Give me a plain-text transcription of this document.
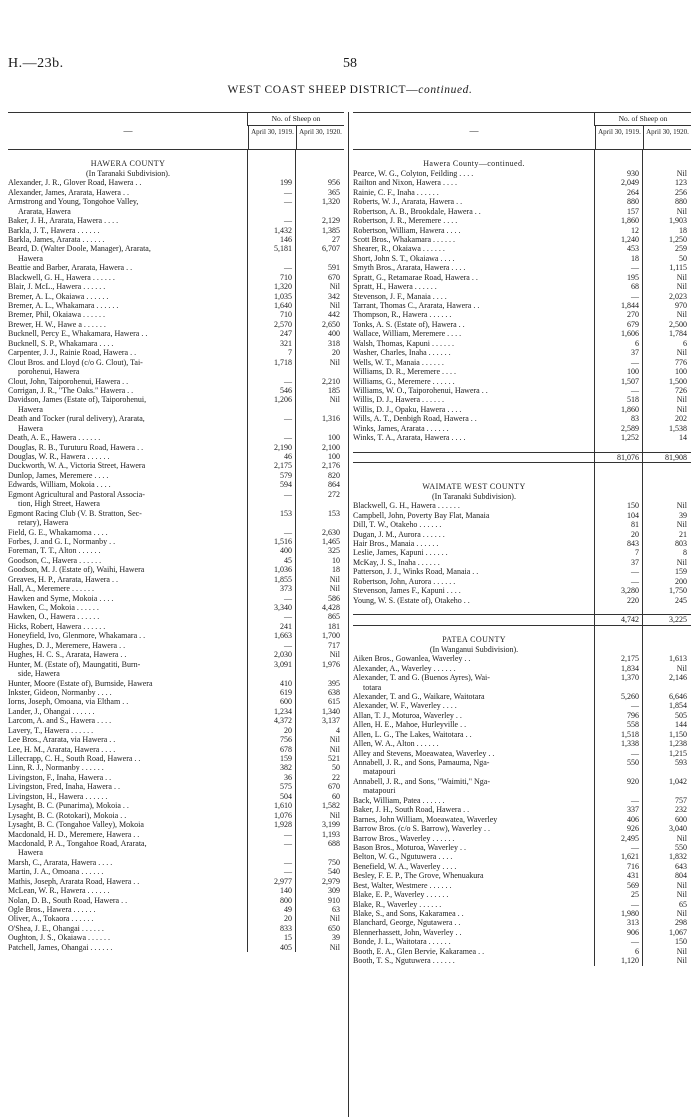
H.—23b.	58
WEST COAST SHEEP DISTRICT—continued.
—
No. of Sheep on
April 30, 1919. April 30, 1920.
HAWERA COUNTY
(In Taranaki Subdivision).
Alexander, J. R., Glover Road, Hawera . .	199	956
Alexander, James, Ararata, Hawera . .	—	365
Armstrong and Young, Tongohoe Valley,	—	1,320
Ararata, Hawera
Baker, J. H., Ararata, Hawera . . . .	—	2,129
Barkla, J. T., Hawera . . . . . .	1,432	1,385
Barkla, James, Ararata . . . . . .	146	27
Beard, D. (Walter Doole, Manager), Ararata,	5,181	6,707
Hawera
Beattie and Barber, Ararata, Hawera . .	—	591
Blackwell, G. H., Hawera . . . . . .	710	670
Blair, J. McL., Hawera . . . . . .	1,320	Nil
Bremer, A. L., Okaiawa . . . . . .	1,035	342
Bremer, A. L., Whakamara . . . . . .	1,640	Nil
Bremer, Phil, Okaiawa . . . . . .	710	442
Brewer, H. W., Hawe a . . . . . .	2,570	2,650
Bucknell, Percy E., Whakamara, Hawera . .	247	400
Bucknell, S. P., Whakamara . . . .	321	318
Carpenter, J. J., Rainie Road, Hawera . .	7	20
Clout Bros. and Lloyd (c/o G. Clout), Tai-	1,718	Nil
porohenui, Hawera
Clout, John, Taiporohenui, Hawera . .	—	2,210
Corrigan, J. R., "The Oaks." Hawera . .	546	185
Davidson, James (Estate of), Taiporohenui,	1,206	Nil
Hawera
Death and Tocker (rural delivery), Ararata,	—	1,316
Hawera
Death, A. E., Hawera . . . . . .	—	100
Douglas, R. B., Turuturu Road, Hawera . .	2,190	2,100
Douglas, W. R., Hawera . . . . . .	46	100
Duckworth, W. A., Victoria Street, Hawera	2,175	2,176
Dunlop, James, Meremere . . . .	579	820
Edwards, William, Mokoia . . . .	594	864
Egmont Agricultural and Pastoral Associa-	—	272
tion, High Street, Hawera
Egmont Racing Club (V. B. Stratton, Sec-	153	153
retary), Hawera
Field, G. E., Whakamoma . . . .	—	2,630
Forbes, J. and G. I., Normanby . .	1,516	1,465
Foreman, T. T., Alton . . . . . .	400	325
Goodson, C., Hawera . . . . . .	45	10
Goodson, M. J. (Estate of), Waihi, Hawera	1,036	18
Greaves, H. P., Ararata, Hawera . .	1,855	Nil
Hall, A., Meremere . . . . . .	373	Nil
Hawken and Syme, Mokoia . . . .	—	586
Hawken, C., Mokoia . . . . . .	3,340	4,428
Hawken, O., Hawera . . . . . .	—	865
Hicks, Robert, Hawera . . . . . .	241	181
Honeyfield, Ivo, Glenmore, Whakamara . .	1,663	1,700
Hughes, D. J., Meremere, Hawera . .	—	717
Hughes, H. C. S., Ararata, Hawera . .	2,030	Nil
Hunter, M. (Estate of), Maungatiti, Burn-	3,091	1,976
side, Hawera
Hunter, Moore (Estate of), Burnside, Hawera	410	395
Inkster, Gideon, Normanby . . . .	619	638
Iorns, Joseph, Omoana, via Eltham . .	600	615
Lander, J., Ohangai . . . . . .	1,234	1,340
Larcom, A. and S., Hawera . . . .	4,372	3,137
Lavery, T., Hawera . . . . . .	20	4
Lee Bros., Ararata, via Hawera . .	756	Nil
Lee, H. M., Ararata, Hawera . . . .	678	Nil
Lillecrapp, C. H., South Road, Hawera . .	159	521
Linn, R. J., Normanby . . . . . .	382	50
Livingston, F., Inaha, Hawera . .	36	22
Livingston, Fred, Inaha, Hawera . .	575	670
Livingston, H., Hawera . . . . . .	504	60
Lysaght, B. C. (Punarima), Mokoia . .	1,610	1,582
Lysaght, B. C. (Rotokari), Mokoia . .	1,076	Nil
Lysaght, B. C. (Tongahoe Valley), Mokoia	1,928	3,199
Macdonald, H. D., Meremere, Hawera . .	—	1,193
Macdonald, P. A., Tongahoe Road, Ararata,	—	688
Hawera
Marsh, C., Ararata, Hawera . . . .	—	750
Martin, J. A., Omoana . . . . . .	—	540
Mathis, Joseph, Ararata Road, Hawera . .	2,977	2,979
McLean, W. R., Hawera . . . . . .	140	309
Nolan, D. B., South Road, Hawera . .	800	910
Ogle Bros., Hawera . . . . . .	49	63
Oliver, A., Tokaora . . . . . .	20	Nil
O'Shea, J. E., Ohangai . . . . . .	833	650
Oughton, J. S., Okaiawa . . . . . .	15	39
Patchell, James, Ohangai . . . . . .	405	Nil
—
No. of Sheep on
April 30, 1919. April 30, 1920.
Hawera County—continued.
Pearce, W. G., Colyton, Feilding . . . .	930	Nil
Railton and Nixon, Hawera . . . .	2,049	123
Rainie, C. F., Inaha . . . . . .	264	256
Roberts, W. J., Ararata, Hawera . .	880	880
Robertson, A. B., Brookdale, Hawera . .	157	Nil
Robertson, J. R., Meremere . . . .	1,860	1,903
Robertson, William, Hawera . . . .	12	18
Scott Bros., Whakamara . . . . . .	1,240	1,250
Shearer, R., Okaiawa . . . . . .	453	259
Short, John S. T., Okaiawa . . . .	18	50
Smyth Bros., Ararata, Hawera . . . .	—	1,115
Spratt, G., Retamarae Road, Hawera . .	195	Nil
Spratt, H., Hawera . . . . . .	68	Nil
Stevenson, J. F., Manaia . . . .	—	2,023
Tarrant, Thomas C., Ararata, Hawera . .	1,844	970
Thompson, R., Hawera . . . . . .	270	Nil
Tonks, A. S. (Estate of), Hawera . .	679	2,500
Wallace, William, Meremere . . . .	1,606	1,784
Walsh, Thomas, Kapuni . . . . . .	6	6
Washer, Charles, Inaha . . . . . .	37	Nil
Wells, W. T., Manaia . . . . . .	—	776
Williams, D. R., Meremere . . . .	100	100
Williams, G., Meremere . . . . . .	1,507	1,500
Williams, W. O., Taiporohenui, Hawera . .	—	726
Willis, D. J., Hawera . . . . . .	518	Nil
Willis, D. J., Opaku, Hawera . . . .	1,860	Nil
Wills, A. T., Denbigh Road, Hawera . .	83	202
Winks, James, Ararata . . . . . .	2,589	1,538
Winks, T. A., Ararata, Hawera . . . .	1,252	14
81,076	81,908
WAIMATE WEST COUNTY
(In Taranaki Subdivision).
Blackwell, G. H., Hawera . . . . . .	150	Nil
Campbell, John, Poverty Bay Flat, Manaia	104	39
Dill, T. W., Otakeho . . . . . .	81	Nil
Dugan, J. M., Aurora . . . . . .	20	21
Hair Bros., Manaia . . . . . .	843	803
Leslie, James, Kapuni . . . . . .	7	8
McKay, J. S., Inaha . . . . . .	37	Nil
Patterson, J. J., Winks Road, Manaia . .	—	159
Robertson, John, Aurora . . . . . .	—	200
Stevenson, James F., Kapuni . . . .	3,280	1,750
Young, W. S. (Estate of), Otakeho . .	220	245
4,742	3,225
PATEA COUNTY
(In Wanganui Subdivision).
Aiken Bros., Gowanlea, Waverley . .	2,175	1,613
Alexander, A., Waverley . . . . . .	1,834	Nil
Alexander, T. and G. (Buenos Ayres), Wai-	1,370	2,146
totara
Alexander, T. and G., Waikare, Waitotara	5,260	6,646
Alexander, W. F., Waverley . . . .	—	1,854
Allan, T. J., Moturoa, Waverley . .	796	505
Allen, H. E., Mahoe, Hurleyville . .	558	144
Allen, L. G., The Lakes, Waitotara . .	1,518	1,150
Allen, W. A., Alton . . . . . .	1,338	1,238
Alley and Stevens, Moeawatea, Waverley . .	—	1,215
Annabell, J. R., and Sons, Pamauma, Nga-	550	593
matapouri
Annabell, J. R., and Sons, "Waimiti," Nga-	920	1,042
matapouri
Back, William, Patea . . . . . .	—	757
Baker, J. H., South Road, Hawera . .	337	232
Barnes, John William, Moeawatea, Waverley	406	600
Barrow Bros. (c/o S. Barrow), Waverley . .	926	3,040
Barrow Bros., Waverley . . . . . .	2,495	Nil
Bason Bros., Moturoa, Waverley . .	—	550
Belton, W. G., Ngutuwera . . . .	1,621	1,832
Benefield, W. A., Waverley . . . .	716	643
Besley, F. E. P., The Grove, Whenuakura	431	804
Best, Walter, Westmere . . . . . .	569	Nil
Blake, E. P., Waverley . . . . . .	25	Nil
Blake, R., Waverley . . . . . .	—	65
Blake, S., and Sons, Kakaramea . .	1,980	Nil
Blanchard, George, Ngutawera . .	313	298
Blennerhassett, John, Waverley . .	906	1,067
Bonde, J. L., Waitotara . . . . . .	—	150
Booth, E. A., Glen Bervie, Kakaramea . .	6	Nil
Booth, T. S., Ngutuwera . . . . . .	1,120	Nil
